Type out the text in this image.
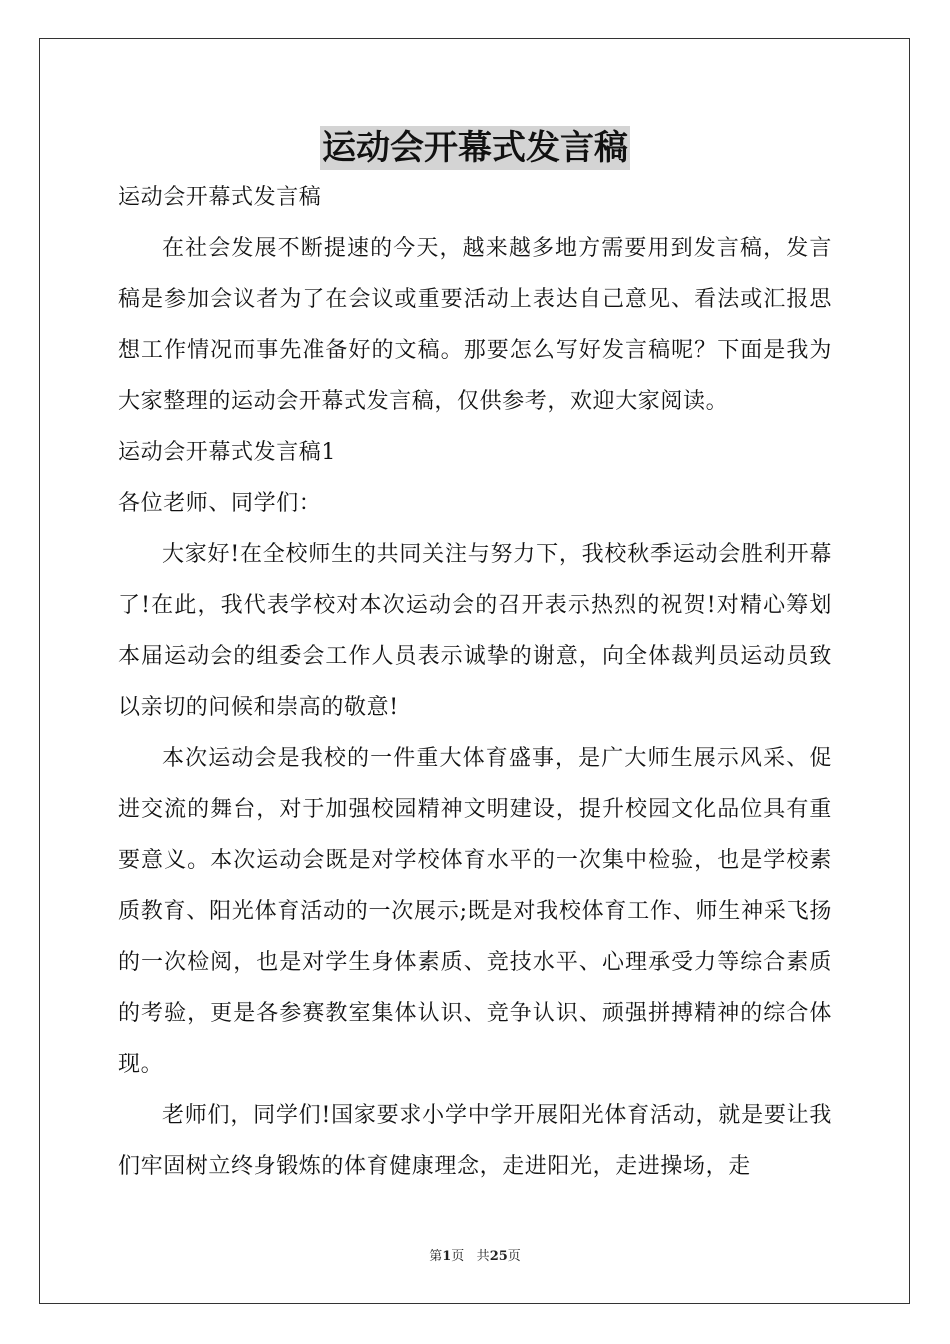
运动会开幕式发言稿

运动会开幕式发言稿

在社会发展不断提速的今天，越来越多地方需要用到发言稿，发言稿是参加会议者为了在会议或重要活动上表达自己意见、看法或汇报思想工作情况而事先准备好的文稿。那要怎么写好发言稿呢？下面是我为大家整理的运动会开幕式发言稿，仅供参考，欢迎大家阅读。

运动会开幕式发言稿1

各位老师、同学们：

大家好!在全校师生的共同关注与努力下，我校秋季运动会胜利开幕了!在此，我代表学校对本次运动会的召开表示热烈的祝贺!对精心筹划本届运动会的组委会工作人员表示诚挚的谢意，向全体裁判员运动员致以亲切的问候和崇高的敬意!

本次运动会是我校的一件重大体育盛事，是广大师生展示风采、促进交流的舞台，对于加强校园精神文明建设，提升校园文化品位具有重要意义。本次运动会既是对学校体育水平的一次集中检验，也是学校素质教育、阳光体育活动的一次展示;既是对我校体育工作、师生神采飞扬的一次检阅，也是对学生身体素质、竞技水平、心理承受力等综合素质的考验，更是各参赛教室集体认识、竞争认识、顽强拼搏精神的综合体现。

老师们，同学们!国家要求小学中学开展阳光体育活动，就是要让我们牢固树立终身锻炼的体育健康理念，走进阳光，走进操场，走

第1页 共25页
